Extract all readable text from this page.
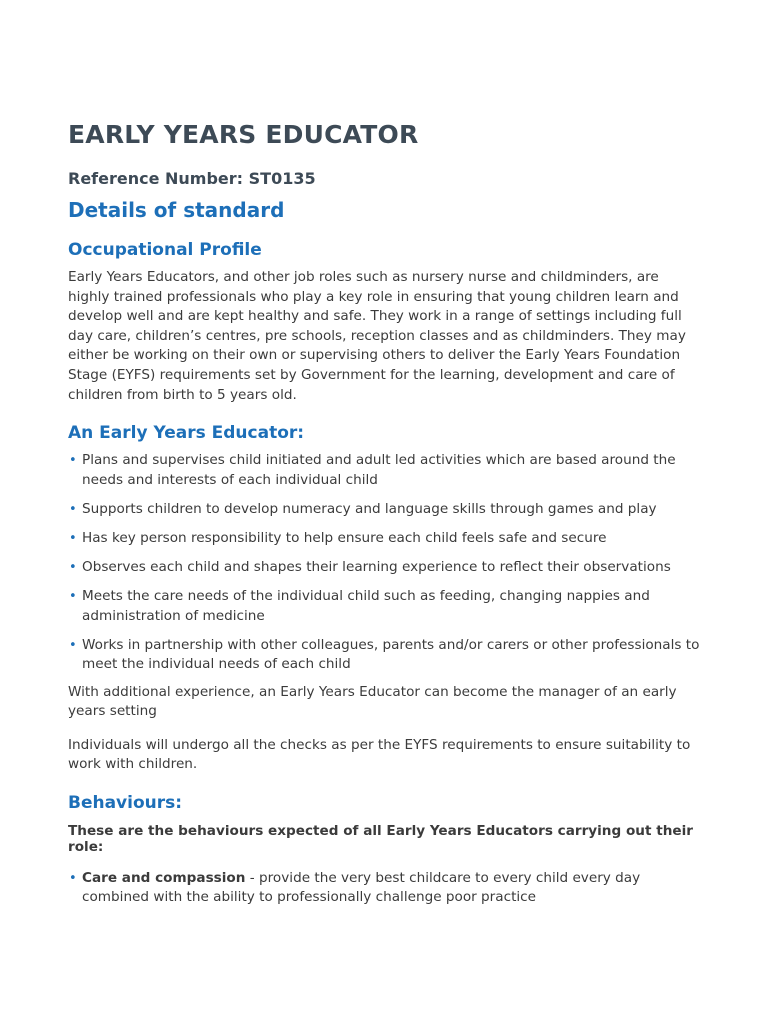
EARLY YEARS EDUCATOR
Reference Number: ST0135
Details of standard
Occupational Profile

Early Years Educators, and other job roles such as nursery nurse and childminders, are highly trained professionals who play a key role in ensuring that young children learn and develop well and are kept healthy and safe. They work in a range of settings including full day care, children’s centres, pre schools, reception classes and as childminders. They may either be working on their own or supervising others to deliver the Early Years Foundation Stage (EYFS) requirements set by Government for the learning, development and care of children from birth to 5 years old.

An Early Years Educator:
• Plans and supervises child initiated and adult led activities which are based around the needs and interests of each individual child
• Supports children to develop numeracy and language skills through games and play
• Has key person responsibility to help ensure each child feels safe and secure
• Observes each child and shapes their learning experience to reflect their observations
• Meets the care needs of the individual child such as feeding, changing nappies and administration of medicine
• Works in partnership with other colleagues, parents and/or carers or other professionals to meet the individual needs of each child

With additional experience, an Early Years Educator can become the manager of an early years setting

Individuals will undergo all the checks as per the EYFS requirements to ensure suitability to work with children.

Behaviours:

These are the behaviours expected of all Early Years Educators carrying out their role:

• Care and compassion - provide the very best childcare to every child every day combined with the ability to professionally challenge poor practice
